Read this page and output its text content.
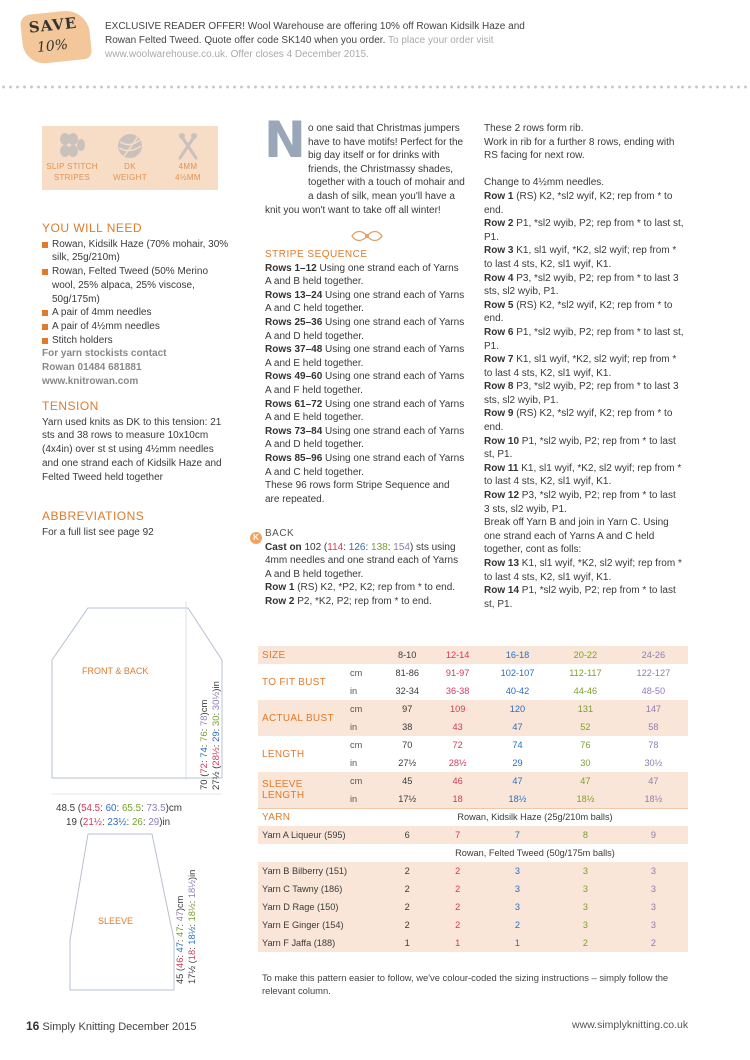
SAVE
10%
EXCLUSIVE READER OFFER! Wool Warehouse are offering 10% off Rowan Kidsilk Haze and Rowan Felted Tweed. Quote offer code SK140 when you order. To place your order visit www.woolwarehouse.co.uk. Offer closes 4 December 2015.
SLIP STITCH
STRIPES
DK
WEIGHT
4MM
4½MM
YOU WILL NEED
Rowan, Kidsilk Haze (70% mohair, 30% silk, 25g/210m)
Rowan, Felted Tweed (50% Merino wool, 25% alpaca, 25% viscose, 50g/175m)
A pair of 4mm needles
A pair of 4½mm needles
Stitch holders
For yarn stockists contact
Rowan 01484 681881
www.knitrowan.com
TENSION
Yarn used knits as DK to this tension: 21 sts and 38 rows to measure 10x10cm (4x4in) over st st using 4½mm needles and one strand each of Kidsilk Haze and Felted Tweed held together
ABBREVIATIONS
For a full list see page 92
FRONT & BACK
SLEEVE
70 (72: 74: 76: 78)cm
27½ (28½: 29: 30: 30½)in
48.5 (54.5: 60: 65.5: 73.5)cm
19 (21½: 23½: 26: 29)in
45 (46: 47: 47: 47)cm
17½ (18: 18½: 18½: 18½)in
N o one said that Christmas jumpers have to have motifs! Perfect for the big day itself or for drinks with friends, the Christmassy shades, together with a touch of mohair and a dash of silk, mean you'll have a knit you won't want to take off all winter!
STRIPE SEQUENCE
Rows 1–12 Using one strand each of Yarns A and B held together.
Rows 13–24 Using one strand each of Yarns A and C held together.
Rows 25–36 Using one strand each of Yarns A and D held together.
Rows 37–48 Using one strand each of Yarns A and E held together.
Rows 49–60 Using one strand each of Yarns A and F held together.
Rows 61–72 Using one strand each of Yarns A and E held together.
Rows 73–84 Using one strand each of Yarns A and D held together.
Rows 85–96 Using one strand each of Yarns A and C held together.
These 96 rows form Stripe Sequence and are repeated.
K BACK
Cast on 102 (114: 126: 138: 154) sts using 4mm needles and one strand each of Yarns A and B held together.
Row 1 (RS) K2, *P2, K2; rep from * to end.
Row 2 P2, *K2, P2; rep from * to end.
These 2 rows form rib.
Work in rib for a further 8 rows, ending with RS facing for next row.
Change to 4½mm needles.
Row 1 (RS) K2, *sl2 wyif, K2; rep from * to end.
Row 2 P1, *sl2 wyib, P2; rep from * to last st, P1.
Row 3 K1, sl1 wyif, *K2, sl2 wyif; rep from * to last 4 sts, K2, sl1 wyif, K1.
Row 4 P3, *sl2 wyib, P2; rep from * to last 3 sts, sl2 wyib, P1.
Row 5 (RS) K2, *sl2 wyif, K2; rep from * to end.
Row 6 P1, *sl2 wyib, P2; rep from * to last st, P1.
Row 7 K1, sl1 wyif, *K2, sl2 wyif; rep from * to last 4 sts, K2, sl1 wyif, K1.
Row 8 P3, *sl2 wyib, P2; rep from * to last 3 sts, sl2 wyib, P1.
Row 9 (RS) K2, *sl2 wyif, K2; rep from * to end.
Row 10 P1, *sl2 wyib, P2; rep from * to last st, P1.
Row 11 K1, sl1 wyif, *K2, sl2 wyif; rep from * to last 4 sts, K2, sl1 wyif, K1.
Row 12 P3, *sl2 wyib, P2; rep from * to last 3 sts, sl2 wyib, P1.
Break off Yarn B and join in Yarn C. Using one strand each of Yarns A and C held together, cont as folls:
Row 13 K1, sl1 wyif, *K2, sl2 wyif; rep from * to last 4 sts, K2, sl1 wyif, K1.
Row 14 P1, *sl2 wyib, P2; rep from * to last st, P1.
SIZE		8-10	12-14	16-18	20-22	24-26
TO FIT BUST	cm	81-86	91-97	102-107	112-117	122-127
	in	32-34	36-38	40-42	44-46	48-50
ACTUAL BUST	cm	97	109	120	131	147
	in	38	43	47	52	58
LENGTH	cm	70	72	74	76	78
	in	27½	28½	29	30	30½
SLEEVE LENGTH	cm	45	46	47	47	47
	in	17½	18	18½	18½	18½
YARN		Rowan, Kidsilk Haze (25g/210m balls)				
Yarn A Liqueur (595)		6	7	7	8	9
		Rowan, Felted Tweed (50g/175m balls)				
Yarn B Bilberry (151)		2	2	3	3	3
Yarn C Tawny (186)		2	2	3	3	3
Yarn D Rage (150)		2	2	3	3	3
Yarn E Ginger (154)		2	2	2	3	3
Yarn F Jaffa (188)		1	1	1	2	2
To make this pattern easier to follow, we've colour-coded the sizing instructions – simply follow the relevant column.
16 Simply Knitting December 2015	www.simplyknitting.co.uk
